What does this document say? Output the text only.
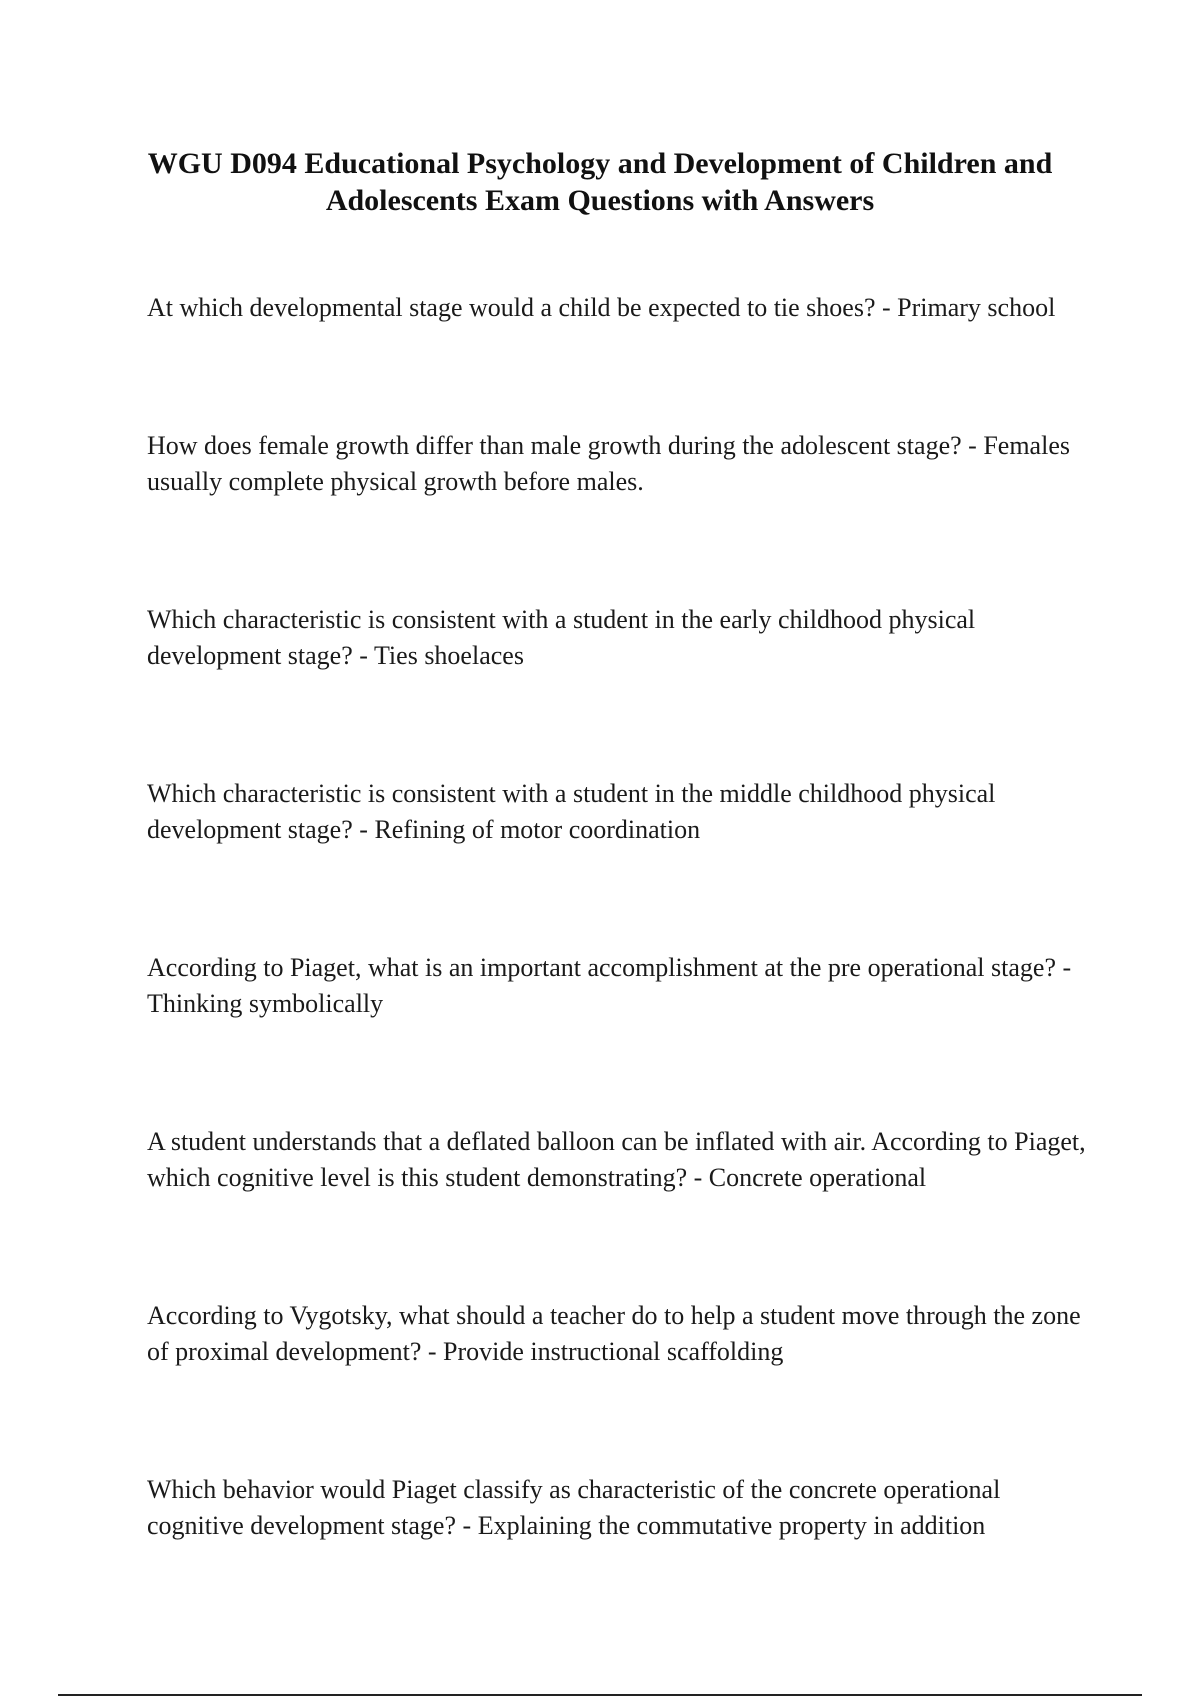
WGU D094 Educational Psychology and Development of Children and Adolescents Exam Questions with Answers

At which developmental stage would a child be expected to tie shoes? - Primary school

How does female growth differ than male growth during the adolescent stage? - Females usually complete physical growth before males.

Which characteristic is consistent with a student in the early childhood physical development stage? - Ties shoelaces

Which characteristic is consistent with a student in the middle childhood physical development stage? - Refining of motor coordination

According to Piaget, what is an important accomplishment at the pre operational stage? - Thinking symbolically

A student understands that a deflated balloon can be inflated with air. According to Piaget, which cognitive level is this student demonstrating? - Concrete operational

According to Vygotsky, what should a teacher do to help a student move through the zone of proximal development? - Provide instructional scaffolding

Which behavior would Piaget classify as characteristic of the concrete operational cognitive development stage? - Explaining the commutative property in addition
